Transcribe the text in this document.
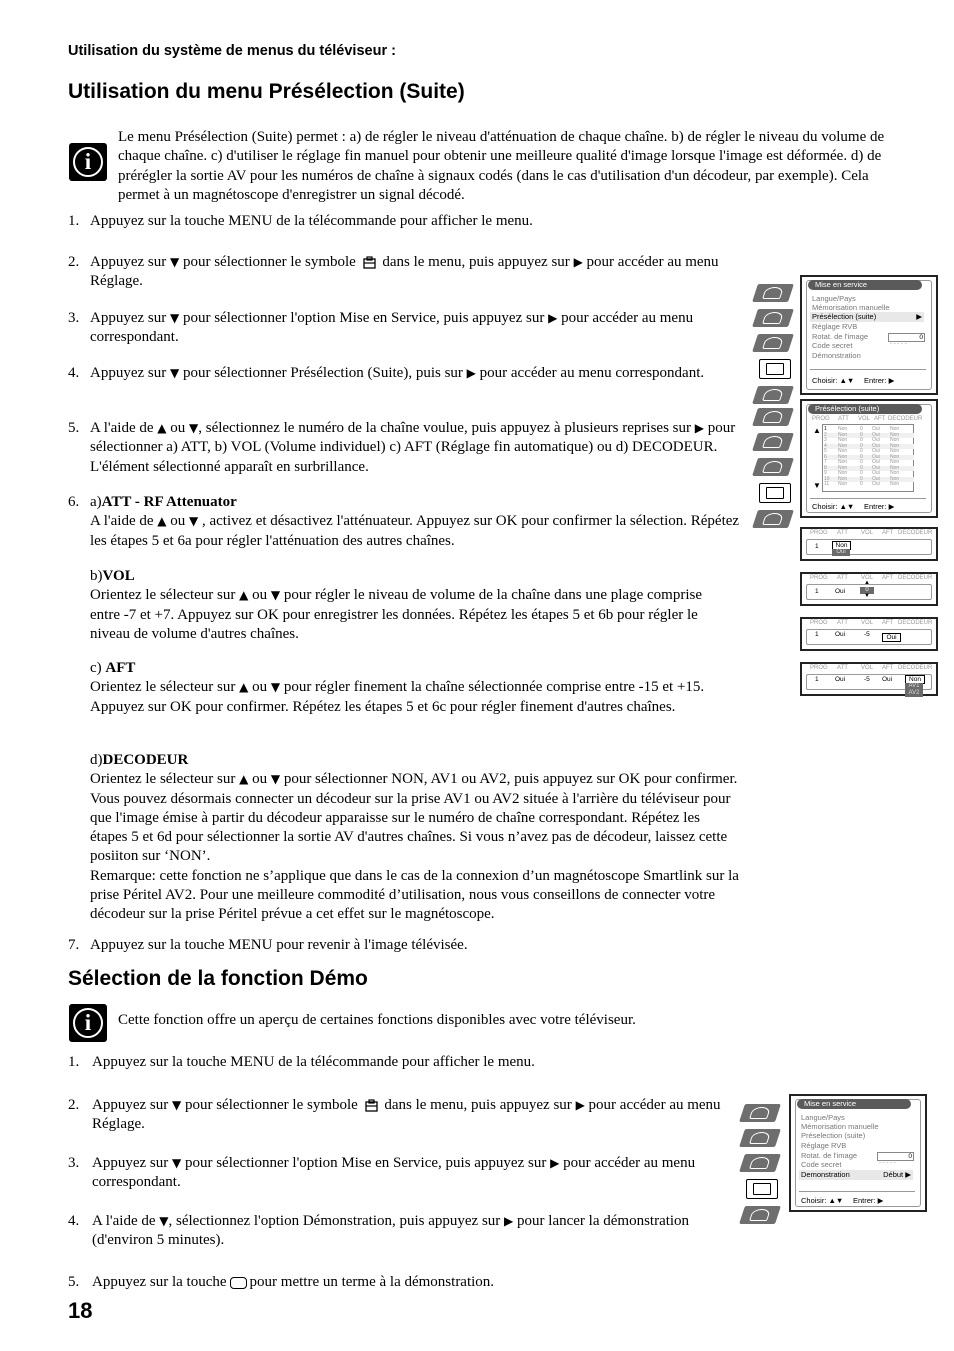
Utilisation du système de menus du téléviseur :
Utilisation du menu Présélection (Suite)
i
Le menu Présélection (Suite) permet : a) de régler le niveau d'atténuation de chaque chaîne. b) de régler le niveau du volume de chaque chaîne. c) d'utiliser le réglage fin manuel pour obtenir une meilleure qualité d'image lorsque l'image est déformée. d) de prérégler la sortie AV pour les numéros de chaîne à signaux codés (dans le cas d'utilisation d'un décodeur, par exemple). Cela permet à un magnétoscope d'enregistrer un signal décodé.
1. Appuyez sur la touche MENU de la télécommande pour afficher le menu.
2. Appuyez sur ▼ pour sélectionner le symbole dans le menu, puis appuyez sur ▶ pour accéder au menu Réglage.
3. Appuyez sur ▼ pour sélectionner l'option Mise en Service, puis appuyez sur ▶ pour accéder au menu correspondant.
4. Appuyez sur ▼ pour sélectionner Présélection (Suite), puis sur ▶ pour accéder au menu correspondant.
5. A l'aide de ▲ ou ▼, sélectionnez le numéro de la chaîne voulue, puis appuyez à plusieurs reprises sur ▶ pour sélectionner a) ATT, b) VOL (Volume individuel) c) AFT (Réglage fin automatique) ou d) DECODEUR. L'élément sélectionné apparaît en surbrillance.
6. a)ATT - RF Attenuator
A l'aide de ▲ ou ▼ , activez et désactivez l'atténuateur. Appuyez sur OK pour confirmer la sélection. Répétez les étapes 5 et 6a pour régler l'atténuation des autres chaînes.
b)VOL
Orientez le sélecteur sur ▲ ou ▼ pour régler le niveau de volume de la chaîne dans une plage comprise entre -7 et +7. Appuyez sur OK pour enregistrer les données. Répétez les étapes 5 et 6b pour régler le niveau de volume d'autres chaînes.
c) AFT
Orientez le sélecteur sur ▲ ou ▼ pour régler finement la chaîne sélectionnée comprise entre -15 et +15. Appuyez sur OK pour confirmer. Répétez les étapes 5 et 6c pour régler finement d'autres chaînes.
d)DECODEUR
Orientez le sélecteur sur ▲ ou ▼ pour sélectionner NON, AV1 ou AV2, puis appuyez sur OK pour confirmer. Vous pouvez désormais connecter un décodeur sur la prise AV1 ou AV2 située à l'arrière du téléviseur pour que l'image émise à partir du décodeur apparaisse sur le numéro de chaîne correspondant. Répétez les étapes 5 et 6d pour sélectionner la sortie AV d'autres chaînes. Si vous n’avez pas de décodeur, laissez cette posiiton sur ‘NON’.
Remarque: cette fonction ne s’applique que dans le cas de la connexion d’un magnétoscope Smartlink sur la prise Péritel AV2. Pour une meilleure commodité d’utilisation, nous vous conseillons de connecter votre décodeur sur la prise Péritel prévue a cet effet sur le magnétoscope.
7. Appuyez sur la touche MENU pour revenir à l'image télévisée.
Sélection de la fonction Démo
i	Cette fonction offre un aperçu de certaines fonctions disponibles avec votre téléviseur.
1. Appuyez sur la touche MENU de la télécommande pour afficher le menu.
2. Appuyez sur ▼ pour sélectionner le symbole dans le menu, puis appuyez sur ▶ pour accéder au menu Réglage.
3. Appuyez sur ▼ pour sélectionner l'option Mise en Service, puis appuyez sur ▶ pour accéder au menu correspondant.
4. A l'aide de ▼, sélectionnez l'option Démonstration, puis appuyez sur ▶ pour lancer la démonstration (d'environ 5 minutes).
5. Appuyez sur la touche pour mettre un terme à la démonstration.
18
Mise en service
Langue/Pays
Mémorisation manuelle
Présélection (suite)	▶
Réglage RVB
Rotat. de l'image	0
Code secret	- - - - -
Démonstration
Choisir: ▲▼ Entrer: ▶
Présélection (suite)
PROG ATT VOL AFT DECODEUR
▲
▼
1 Non	0 Oui Non
2 Non	0 Oui Non
3 Non	0 Oui Non
4 Non	0 Oui Non
5 Non	0 Oui Non
6 Non	0 Oui Non
7 Non	0 Oui Non
8 Non	0 Oui Non
9 Non	0 Oui Non
10 Non	0 Oui Non
11 Non	0 Oui Non
Choisir: ▲▼ Entrer: ▶
PROG ATT VOL AFT DECODEUR
1	Non
Oui
PROG ATT VOL AFT DECODEUR
1	Oui
▲
0
▼
PROG ATT VOL AFT DECODEUR
1	Oui	-5	Oui
PROG ATT VOL AFT DECODEUR
1	Oui	-5 Oui	Non
AV1
AV2
Mise en service
Langue/Pays
Mémorisation manuelle
Préselection (suite)
Réglage RVB
Rotat. de l'image	0
Code secret	- - - - -
Demonstration	Début ▶
Choisir: ▲▼ Entrer: ▶
